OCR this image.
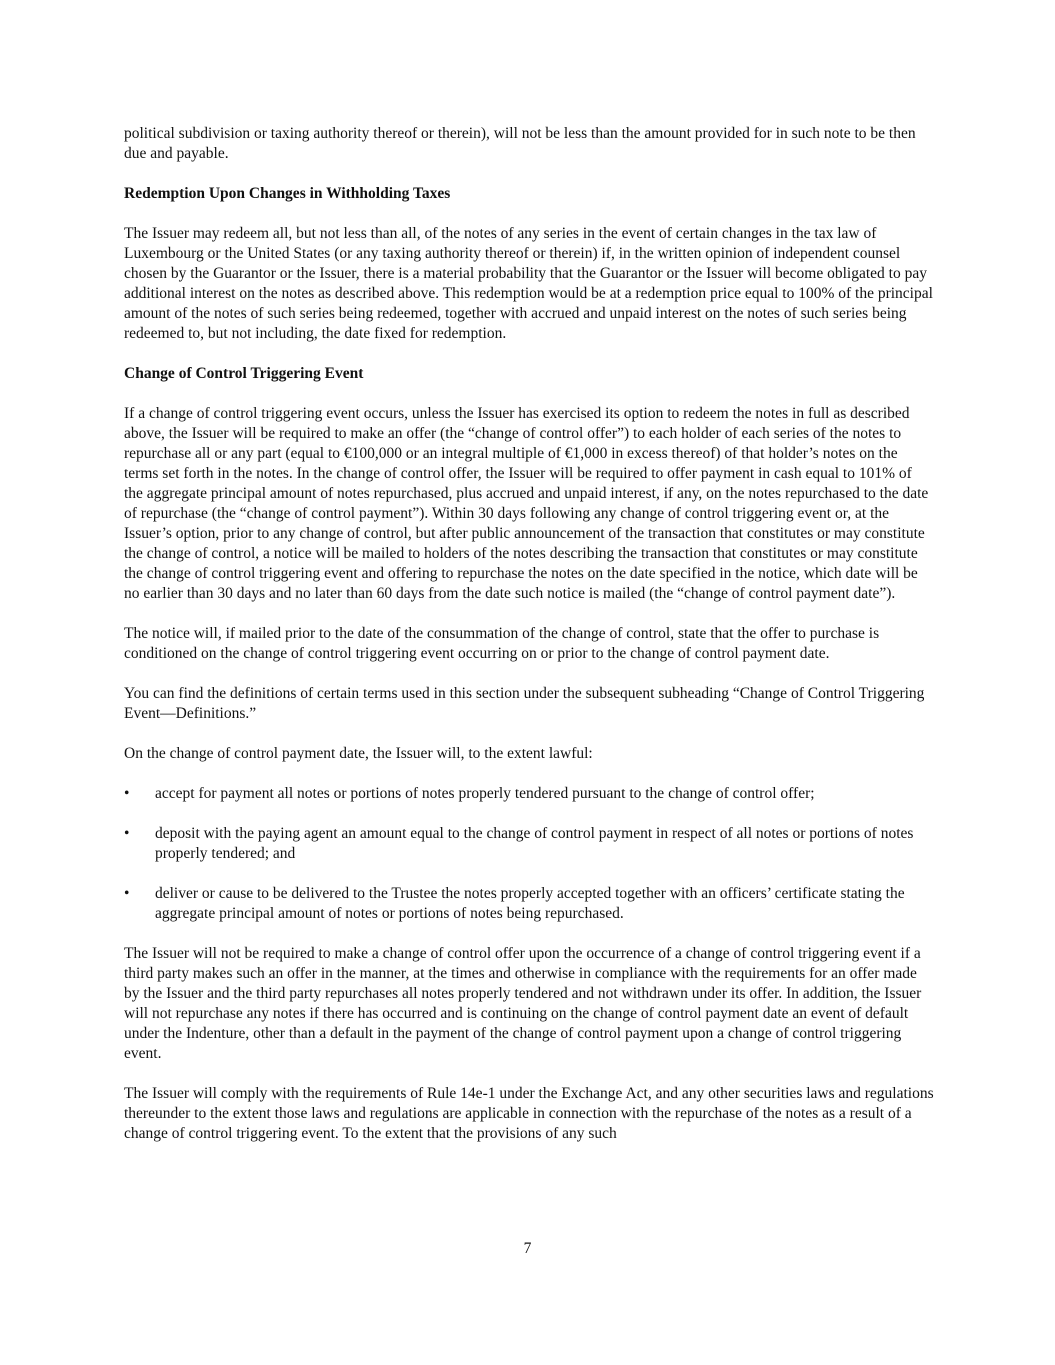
political subdivision or taxing authority thereof or therein), will not be less than the amount provided for in such note to be then due and payable.

Redemption Upon Changes in Withholding Taxes

The Issuer may redeem all, but not less than all, of the notes of any series in the event of certain changes in the tax law of Luxembourg or the United States (or any taxing authority thereof or therein) if, in the written opinion of independent counsel chosen by the Guarantor or the Issuer, there is a material probability that the Guarantor or the Issuer will become obligated to pay additional interest on the notes as described above. This redemption would be at a redemption price equal to 100% of the principal amount of the notes of such series being redeemed, together with accrued and unpaid interest on the notes of such series being redeemed to, but not including, the date fixed for redemption.

Change of Control Triggering Event

If a change of control triggering event occurs, unless the Issuer has exercised its option to redeem the notes in full as described above, the Issuer will be required to make an offer (the “change of control offer”) to each holder of each series of the notes to repurchase all or any part (equal to €100,000 or an integral multiple of €1,000 in excess thereof) of that holder’s notes on the terms set forth in the notes. In the change of control offer, the Issuer will be required to offer payment in cash equal to 101% of the aggregate principal amount of notes repurchased, plus accrued and unpaid interest, if any, on the notes repurchased to the date of repurchase (the “change of control payment”). Within 30 days following any change of control triggering event or, at the Issuer’s option, prior to any change of control, but after public announcement of the transaction that constitutes or may constitute the change of control, a notice will be mailed to holders of the notes describing the transaction that constitutes or may constitute the change of control triggering event and offering to repurchase the notes on the date specified in the notice, which date will be no earlier than 30 days and no later than 60 days from the date such notice is mailed (the “change of control payment date”).

The notice will, if mailed prior to the date of the consummation of the change of control, state that the offer to purchase is conditioned on the change of control triggering event occurring on or prior to the change of control payment date.

You can find the definitions of certain terms used in this section under the subsequent subheading “Change of Control Triggering Event—Definitions.”

On the change of control payment date, the Issuer will, to the extent lawful:

• accept for payment all notes or portions of notes properly tendered pursuant to the change of control offer;
• deposit with the paying agent an amount equal to the change of control payment in respect of all notes or portions of notes properly tendered; and
• deliver or cause to be delivered to the Trustee the notes properly accepted together with an officers’ certificate stating the aggregate principal amount of notes or portions of notes being repurchased.

The Issuer will not be required to make a change of control offer upon the occurrence of a change of control triggering event if a third party makes such an offer in the manner, at the times and otherwise in compliance with the requirements for an offer made by the Issuer and the third party repurchases all notes properly tendered and not withdrawn under its offer. In addition, the Issuer will not repurchase any notes if there has occurred and is continuing on the change of control payment date an event of default under the Indenture, other than a default in the payment of the change of control payment upon a change of control triggering event.

The Issuer will comply with the requirements of Rule 14e-1 under the Exchange Act, and any other securities laws and regulations thereunder to the extent those laws and regulations are applicable in connection with the repurchase of the notes as a result of a change of control triggering event. To the extent that the provisions of any such

7
